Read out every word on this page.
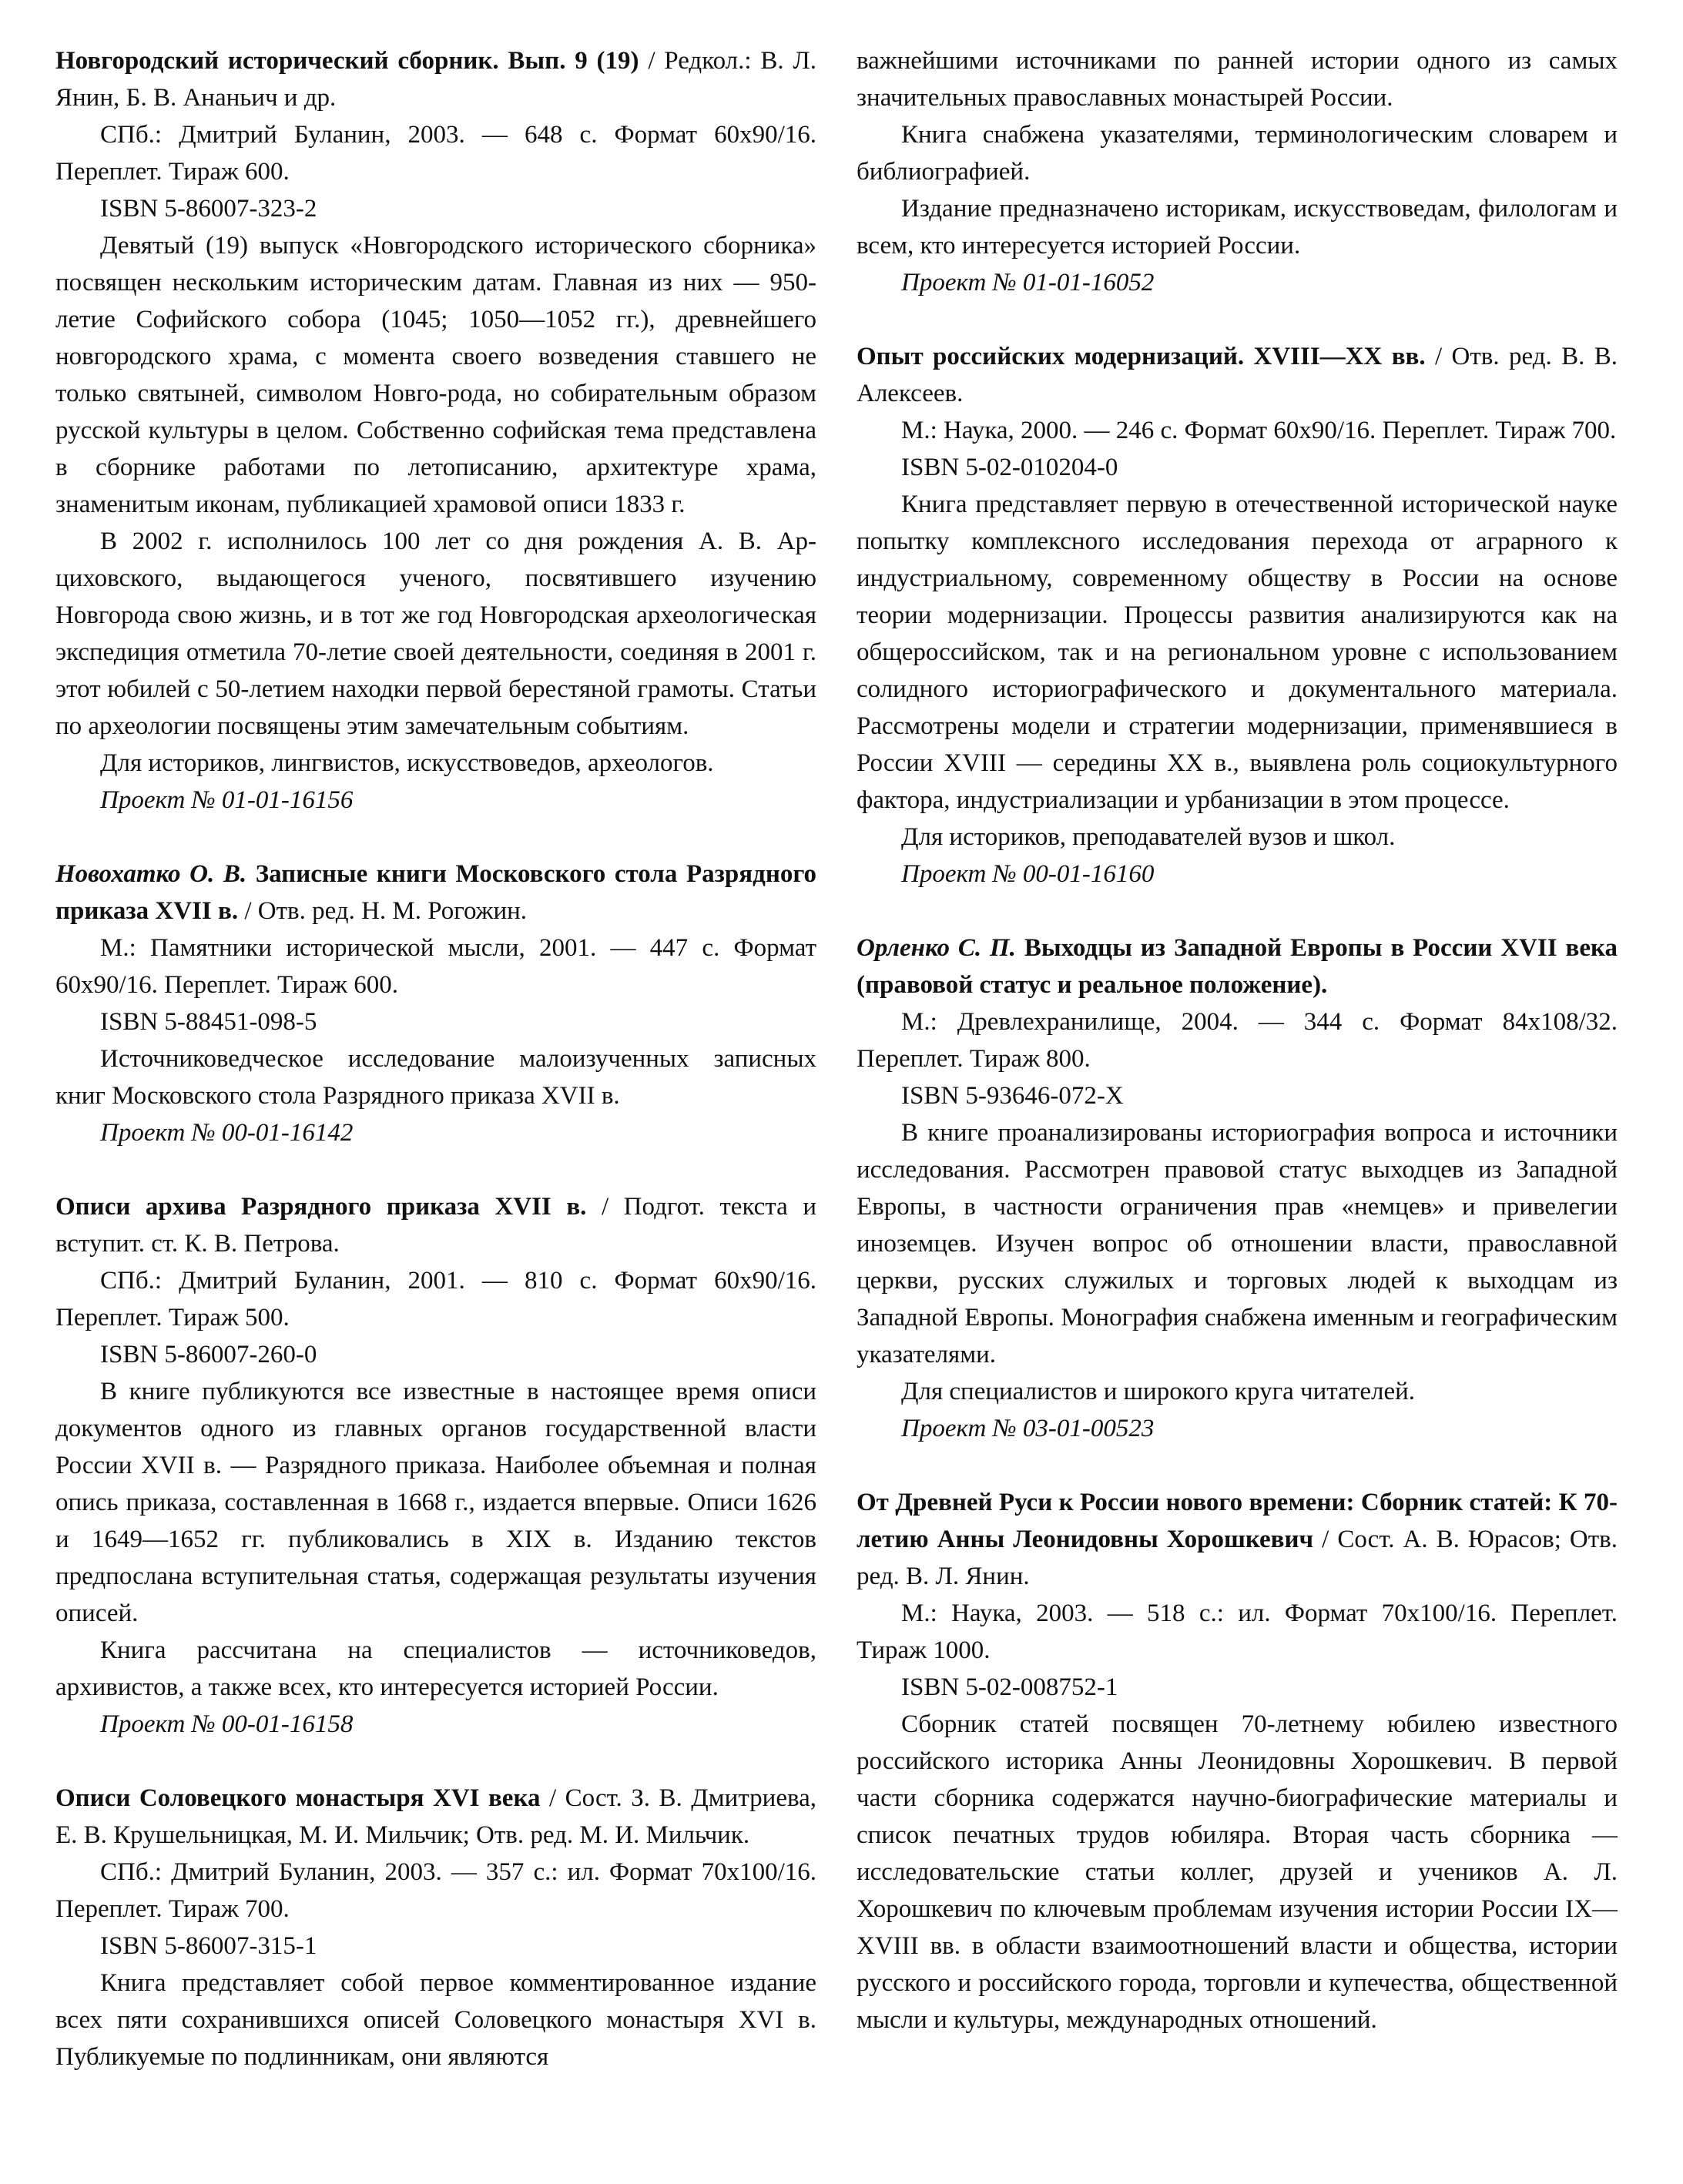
Новгородский исторический сборник. Вып. 9 (19) / Редкол.: В. Л. Янин, Б. В. Ананьич и др.

СПб.: Дмитрий Буланин, 2003. — 648 с. Формат 60x90/16. Переплет. Тираж 600.

ISBN 5-86007-323-2

Девятый (19) выпуск «Новгородского исторического сборника» посвящен нескольким историческим датам. Главная из них — 950-летие Софийского собора (1045; 1050—1052 гг.), древнейшего новгородского храма, с момента своего возведения ставшего не только святыней, символом Новго-рода, но собирательным образом русской культуры в целом. Собственно софийская тема представлена в сборнике работами по летописанию, архитектуре храма, знаменитым иконам, публикацией храмовой описи 1833 г.

В 2002 г. исполнилось 100 лет со дня рождения А. В. Арциховского, выдающегося ученого, посвятившего изучению Новгорода свою жизнь, и в тот же год Новгородская археологическая экспедиция отметила 70-летие своей деятельности, соединяя в 2001 г. этот юбилей с 50-летием находки первой берестяной грамоты. Статьи по археологии посвящены этим замечательным событиям.

Для историков, лингвистов, искусствоведов, археологов.

Проект № 01-01-16156

Новохатко О. В. Записные книги Московского стола Разрядного приказа XVII в. / Отв. ред. Н. М. Рогожин.

М.: Памятники исторической мысли, 2001. — 447 с. Формат 60x90/16. Переплет. Тираж 600.

ISBN 5-88451-098-5

Источниковедческое исследование малоизученных записных книг Московского стола Разрядного приказа XVII в.

Проект № 00-01-16142

Описи архива Разрядного приказа XVII в. / Подгот. текста и вступит. ст. К. В. Петрова.

СПб.: Дмитрий Буланин, 2001. — 810 с. Формат 60x90/16. Переплет. Тираж 500.

ISBN 5-86007-260-0

В книге публикуются все известные в настоящее время описи документов одного из главных органов государственной власти России XVII в. — Разрядного приказа. Наиболее объемная и полная опись приказа, составленная в 1668 г., издается впервые. Описи 1626 и 1649—1652 гг. публиковались в XIX в. Изданию текстов предпослана вступительная статья, содержащая результаты изучения описей.

Книга рассчитана на специалистов — источниковедов, архивистов, а также всех, кто интересуется историей России.

Проект № 00-01-16158

Описи Соловецкого монастыря XVI века / Сост. З. В. Дмитриева, Е. В. Крушельницкая, М. И. Мильчик; Отв. ред. М. И. Мильчик.

СПб.: Дмитрий Буланин, 2003. — 357 с.: ил. Формат 70x100/16. Переплет. Тираж 700.

ISBN 5-86007-315-1

Книга представляет собой первое комментированное издание всех пяти сохранившихся описей Соловецкого монастыря XVI в. Публикуемые по подлинникам, они являются

важнейшими источниками по ранней истории одного из самых значительных православных монастырей России.

Книга снабжена указателями, терминологическим словарем и библиографией.

Издание предназначено историкам, искусствоведам, филологам и всем, кто интересуется историей России.

Проект № 01-01-16052

Опыт российских модернизаций. XVIII—XX вв. / Отв. ред. В. В. Алексеев.

М.: Наука, 2000. — 246 с. Формат 60x90/16. Переплет. Тираж 700.

ISBN 5-02-010204-0

Книга представляет первую в отечественной исторической науке попытку комплексного исследования перехода от аграрного к индустриальному, современному обществу в России на основе теории модернизации. Процессы развития анализируются как на общероссийском, так и на региональном уровне с использованием солидного историографического и документального материала. Рассмотрены модели и стратегии модернизации, применявшиеся в России XVIII — середины XX в., выявлена роль социокультурного фактора, индустриализации и урбанизации в этом процессе.

Для историков, преподавателей вузов и школ.

Проект № 00-01-16160

Орленко С. П. Выходцы из Западной Европы в России XVII века (правовой статус и реальное положение).

М.: Древлехранилище, 2004. — 344 с. Формат 84x108/32. Переплет. Тираж 800.

ISBN 5-93646-072-X

В книге проанализированы историография вопроса и источники исследования. Рассмотрен правовой статус выходцев из Западной Европы, в частности ограничения прав «немцев» и привелегии иноземцев. Изучен вопрос об отношении власти, православной церкви, русских служилых и торговых людей к выходцам из Западной Европы. Монография снабжена именным и географическим указателями.

Для специалистов и широкого круга читателей.

Проект № 03-01-00523

От Древней Руси к России нового времени: Сборник статей: К 70-летию Анны Леонидовны Хорошкевич / Сост. А. В. Юрасов; Отв. ред. В. Л. Янин.

М.: Наука, 2003. — 518 с.: ил. Формат 70x100/16. Переплет. Тираж 1000.

ISBN 5-02-008752-1

Сборник статей посвящен 70-летнему юбилею известного российского историка Анны Леонидовны Хорошкевич. В первой части сборника содержатся научно-биографические материалы и список печатных трудов юбиляра. Вторая часть сборника — исследовательские статьи коллег, друзей и учеников А. Л. Хорошкевич по ключевым проблемам изучения истории России IX—XVIII вв. в области взаимоотношений власти и общества, истории русского и российского города, торговли и купечества, общественной мысли и культуры, международных отношений.
